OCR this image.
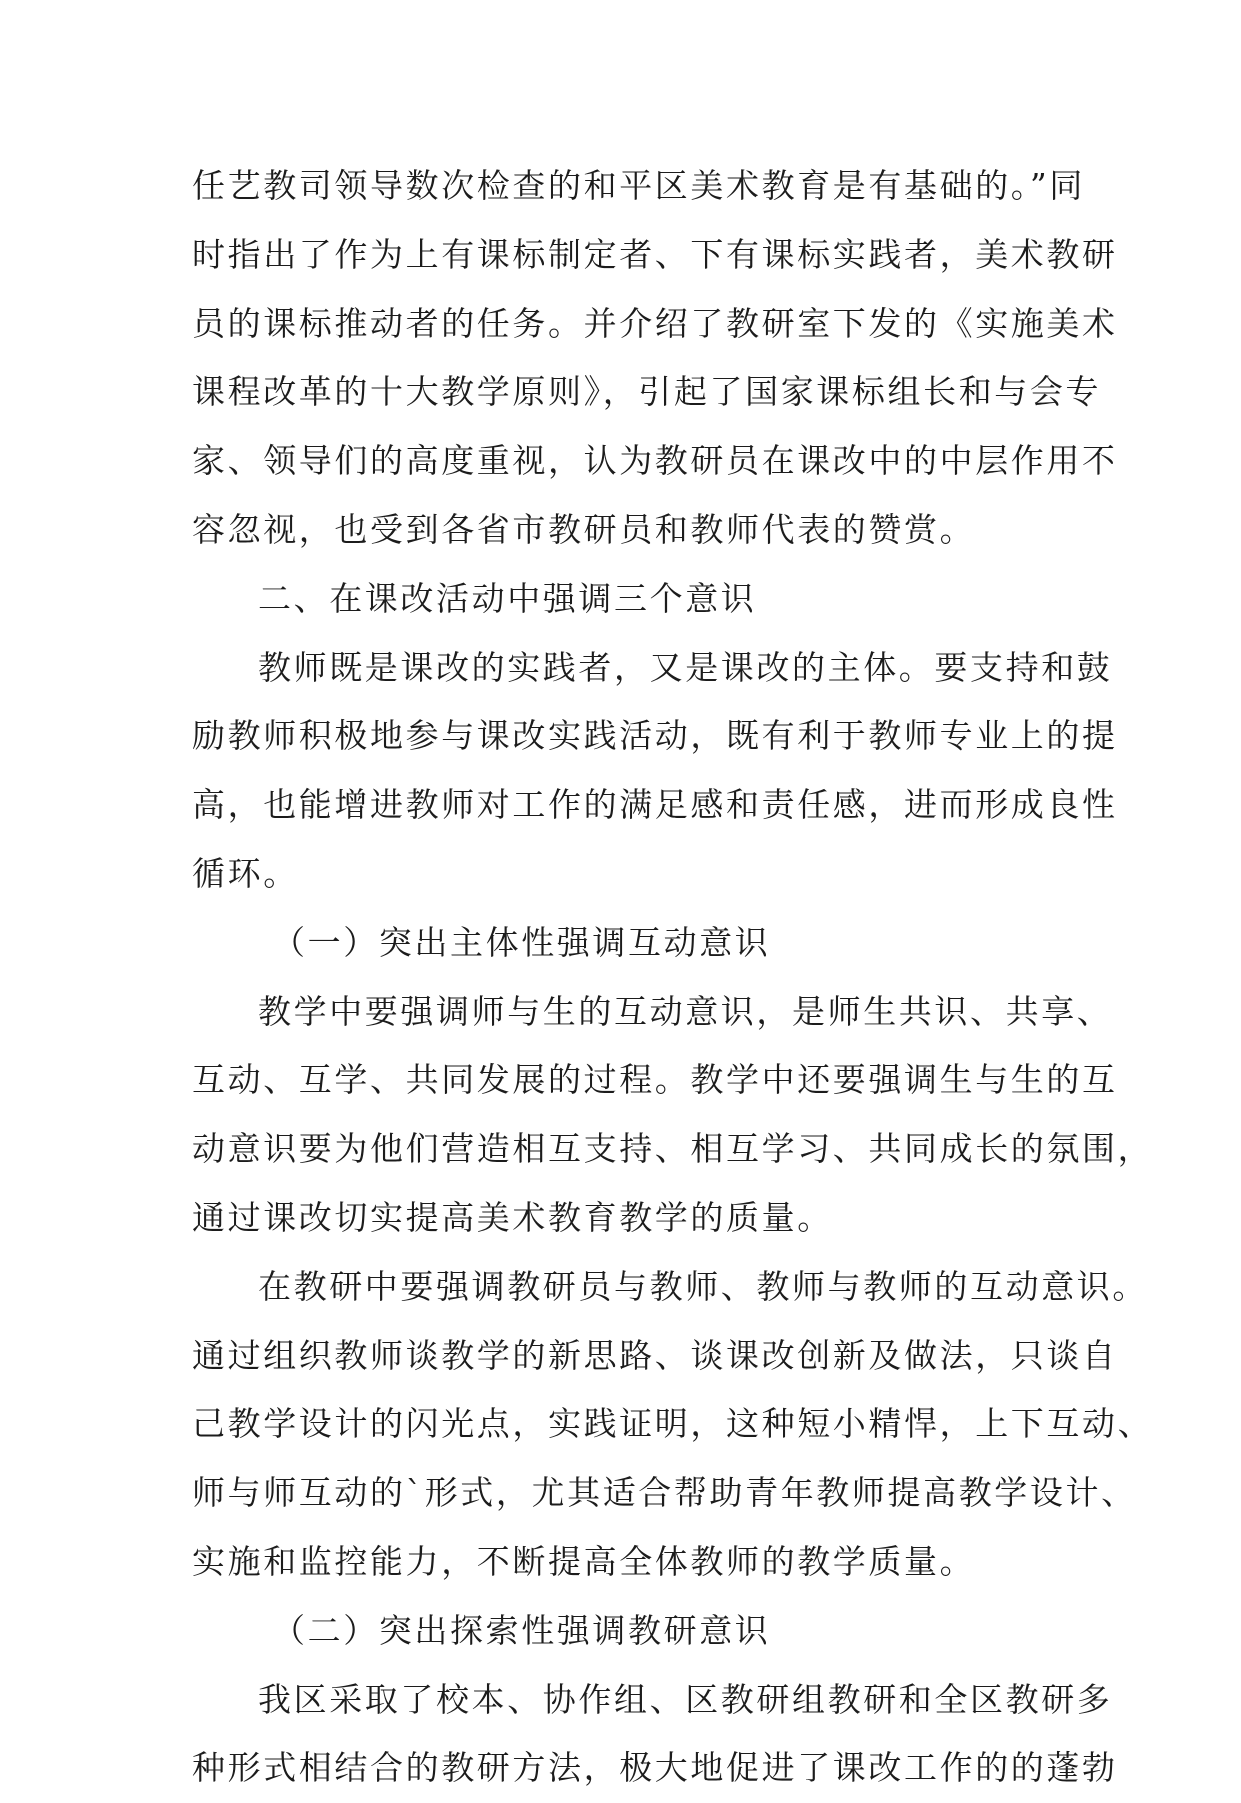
任艺教司领导数次检查的和平区美术教育是有基础的。”同
时指出了作为上有课标制定者、下有课标实践者，美术教研
员的课标推动者的任务。并介绍了教研室下发的《实施美术
课程改革的十大教学原则》，引起了国家课标组长和与会专
家、领导们的高度重视，认为教研员在课改中的中层作用不
容忽视，也受到各省市教研员和教师代表的赞赏。
二、在课改活动中强调三个意识
教师既是课改的实践者，又是课改的主体。要支持和鼓
励教师积极地参与课改实践活动，既有利于教师专业上的提
高，也能增进教师对工作的满足感和责任感，进而形成良性
循环。
（一）突出主体性强调互动意识
教学中要强调师与生的互动意识，是师生共识、共享、
互动、互学、共同发展的过程。教学中还要强调生与生的互
动意识要为他们营造相互支持、相互学习、共同成长的氛围，
通过课改切实提高美术教育教学的质量。
在教研中要强调教研员与教师、教师与教师的互动意识。
通过组织教师谈教学的新思路、谈课改创新及做法，只谈自
己教学设计的闪光点，实践证明，这种短小精悍，上下互动、
师与师互动的`形式，尤其适合帮助青年教师提高教学设计、
实施和监控能力，不断提高全体教师的教学质量。
（二）突出探索性强调教研意识
我区采取了校本、协作组、区教研组教研和全区教研多
种形式相结合的教研方法，极大地促进了课改工作的的蓬勃
